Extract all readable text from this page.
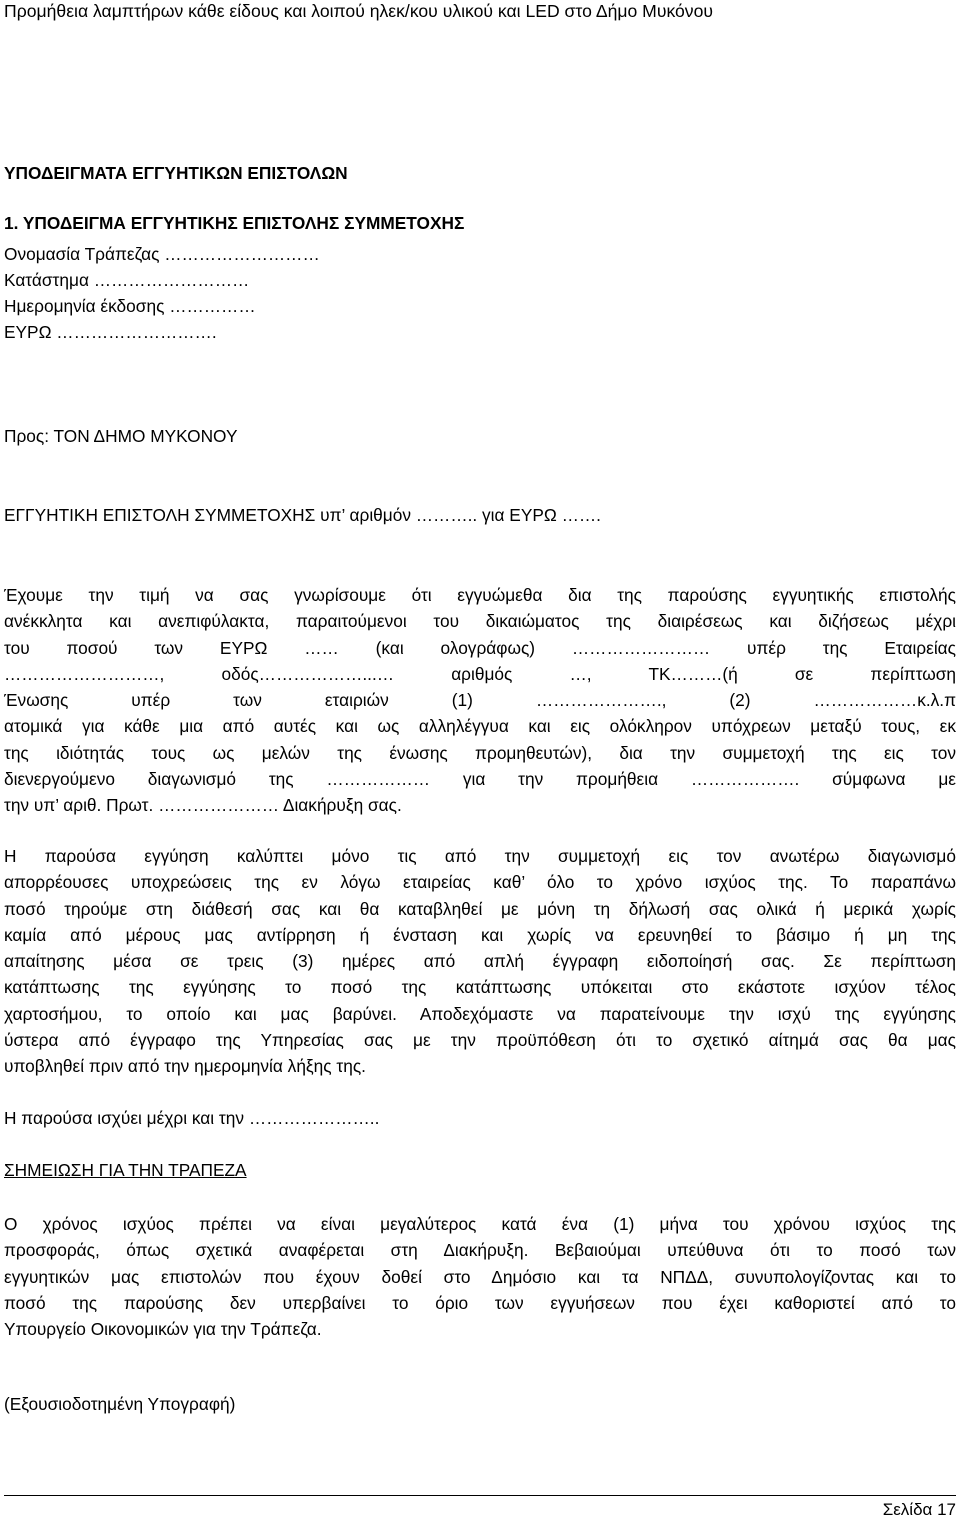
Προμήθεια λαμπτήρων κάθε είδους και λοιπού ηλεκ/κου υλικού και LED στο Δήμο Μυκόνου
ΥΠΟΔΕΙΓΜΑΤΑ ΕΓΓΥΗΤΙΚΩΝ ΕΠΙΣΤΟΛΩΝ
1. ΥΠΟΔΕΙΓΜΑ ΕΓΓΥΗΤΙΚΗΣ ΕΠΙΣΤΟΛΗΣ ΣΥΜΜΕΤΟΧΗΣ
Ονομασία Τράπεζας ………………………
Κατάστημα ………………………
Ημερομηνία έκδοσης ……………
ΕΥΡΩ ……………………….
Προς: ΤΟΝ ΔΗΜΟ ΜΥΚΟΝΟΥ
ΕΓΓΥΗΤΙΚΗ ΕΠΙΣΤΟΛΗ ΣΥΜΜΕΤΟΧΗΣ υπ’ αριθμόν ……….. για ΕΥΡΩ …….
Έχουμε την τιμή να σας γνωρίσουμε ότι εγγυώμεθα δια της παρούσης εγγυητικής επιστολής
ανέκκλητα και ανεπιφύλακτα, παραιτούμενοι του δικαιώματος της διαιρέσεως και διζήσεως μέχρι
του ποσού των ΕΥΡΩ …… (και ολογράφως) …………………… υπέρ της Εταιρείας
………………………, οδός………………...… αριθμός …, ΤΚ………(ή σε περίπτωση
Ένωσης υπέρ των εταιριών (1) …………………., (2) ………………κ.λ.π
ατομικά για κάθε μια από αυτές και ως αλληλέγγυα και εις ολόκληρον υπόχρεων μεταξύ τους, εκ
της ιδιότητάς τους ως μελών της ένωσης προμηθευτών), δια την συμμετοχή της εις τον
διενεργούμενο διαγωνισμό της ……………… για την προμήθεια ………………. σύμφωνα με
την υπ’ αριθ. Πρωτ. ………………… Διακήρυξη σας.
Η παρούσα εγγύηση καλύπτει μόνο τις από την συμμετοχή εις τον ανωτέρω διαγωνισμό
απορρέουσες υποχρεώσεις της εν λόγω εταιρείας καθ’ όλο το χρόνο ισχύος της. Το παραπάνω
ποσό τηρούμε στη διάθεσή σας και θα καταβληθεί με μόνη τη δήλωσή σας ολικά ή μερικά χωρίς
καμία από μέρους μας αντίρρηση ή ένσταση και χωρίς να ερευνηθεί το βάσιμο ή μη της
απαίτησης μέσα σε τρεις (3) ημέρες από απλή έγγραφη ειδοποίησή σας. Σε περίπτωση
κατάπτωσης της εγγύησης το ποσό της κατάπτωσης υπόκειται στο εκάστοτε ισχύον τέλος
χαρτοσήμου, το οποίο και μας βαρύνει. Αποδεχόμαστε να παρατείνουμε την ισχύ της εγγύησης
ύστερα από έγγραφο της Υπηρεσίας σας με την προϋπόθεση ότι το σχετικό αίτημά σας θα μας
υποβληθεί πριν από την ημερομηνία λήξης της.
Η παρούσα ισχύει μέχρι και την …………………..
ΣΗΜΕΙΩΣΗ ΓΙΑ ΤΗΝ ΤΡΑΠΕΖΑ
Ο χρόνος ισχύος πρέπει να είναι μεγαλύτερος κατά ένα (1) μήνα του χρόνου ισχύος της
προσφοράς, όπως σχετικά αναφέρεται στη Διακήρυξη. Βεβαιούμαι υπεύθυνα ότι το ποσό των
εγγυητικών μας επιστολών που έχουν δοθεί στο Δημόσιο και τα ΝΠΔΔ, συνυπολογίζοντας και το
ποσό της παρούσης δεν υπερβαίνει το όριο των εγγυήσεων που έχει καθοριστεί από το
Υπουργείο Οικονομικών για την Τράπεζα.
(Εξουσιοδοτημένη Υπογραφή)
Σελίδα 17
